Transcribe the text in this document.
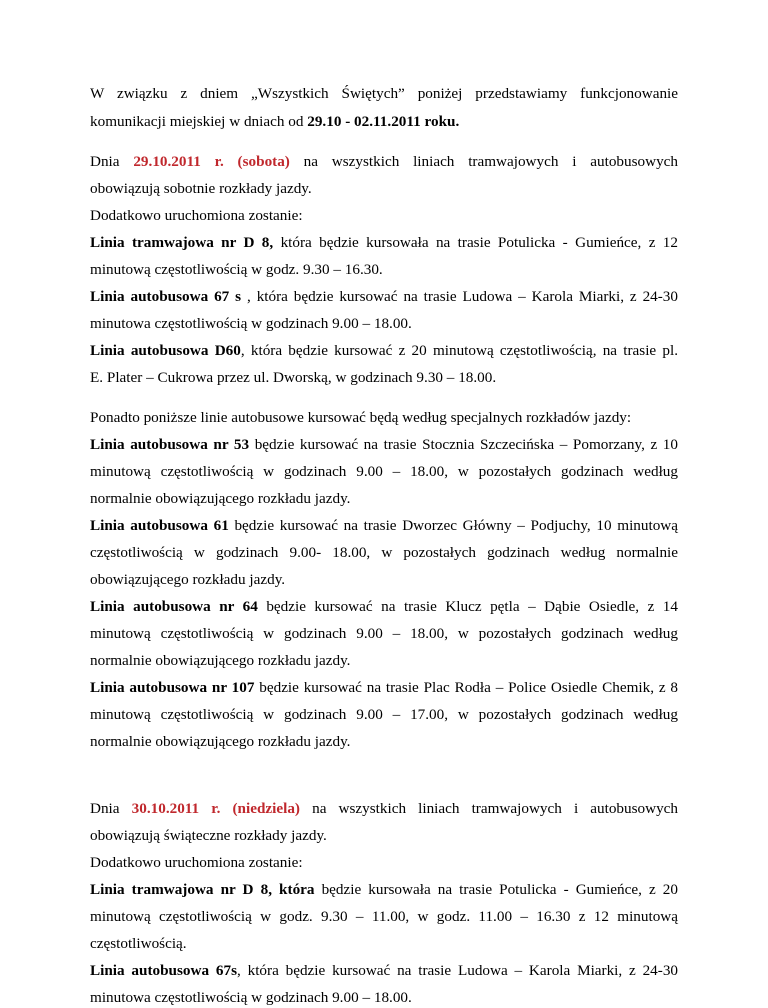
W związku z dniem „Wszystkich Świętych” poniżej przedstawiamy funkcjonowanie
komunikacji miejskiej w dniach od 29.10 - 02.11.2011 roku.
Dnia 29.10.2011 r. (sobota) na wszystkich liniach tramwajowych i autobusowych
obowiązują sobotnie rozkłady jazdy.
Dodatkowo uruchomiona zostanie:
Linia tramwajowa nr D 8, która będzie kursowała na trasie Potulicka - Gumieńce, z 12
minutową częstotliwością w godz. 9.30 – 16.30.
Linia autobusowa 67 s , która będzie kursować na trasie Ludowa – Karola Miarki, z 24-30
minutowa częstotliwością w godzinach 9.00 – 18.00.
Linia autobusowa D60, która będzie kursować z 20 minutową częstotliwością, na trasie pl.
E. Plater – Cukrowa przez ul. Dworską, w godzinach 9.30 – 18.00.
Ponadto poniższe linie autobusowe kursować będą według specjalnych rozkładów jazdy:
Linia autobusowa nr 53 będzie kursować na trasie Stocznia Szczecińska – Pomorzany, z 10
minutową częstotliwością w godzinach 9.00 – 18.00, w pozostałych godzinach według
normalnie obowiązującego rozkładu jazdy.
Linia autobusowa 61 będzie kursować na trasie Dworzec Główny – Podjuchy, 10 minutową
częstotliwością w godzinach 9.00- 18.00, w pozostałych godzinach według normalnie
obowiązującego rozkładu jazdy.
Linia autobusowa nr 64 będzie kursować na trasie Klucz pętla – Dąbie Osiedle, z 14
minutową częstotliwością w godzinach 9.00 – 18.00, w pozostałych godzinach według
normalnie obowiązującego rozkładu jazdy.
Linia autobusowa nr 107 będzie kursować na trasie Plac Rodła – Police Osiedle Chemik, z 8
minutową częstotliwością w godzinach 9.00 – 17.00, w pozostałych godzinach według
normalnie obowiązującego rozkładu jazdy.
Dnia 30.10.2011 r. (niedziela) na wszystkich liniach tramwajowych i autobusowych
obowiązują świąteczne rozkłady jazdy.
Dodatkowo uruchomiona zostanie:
Linia tramwajowa nr D 8, która będzie kursowała na trasie Potulicka - Gumieńce, z 20
minutową częstotliwością w godz. 9.30 – 11.00, w godz. 11.00 – 16.30 z 12 minutową
częstotliwością.
Linia autobusowa 67s, która będzie kursować na trasie Ludowa – Karola Miarki, z 24-30
minutowa częstotliwością w godzinach 9.00 – 18.00.
